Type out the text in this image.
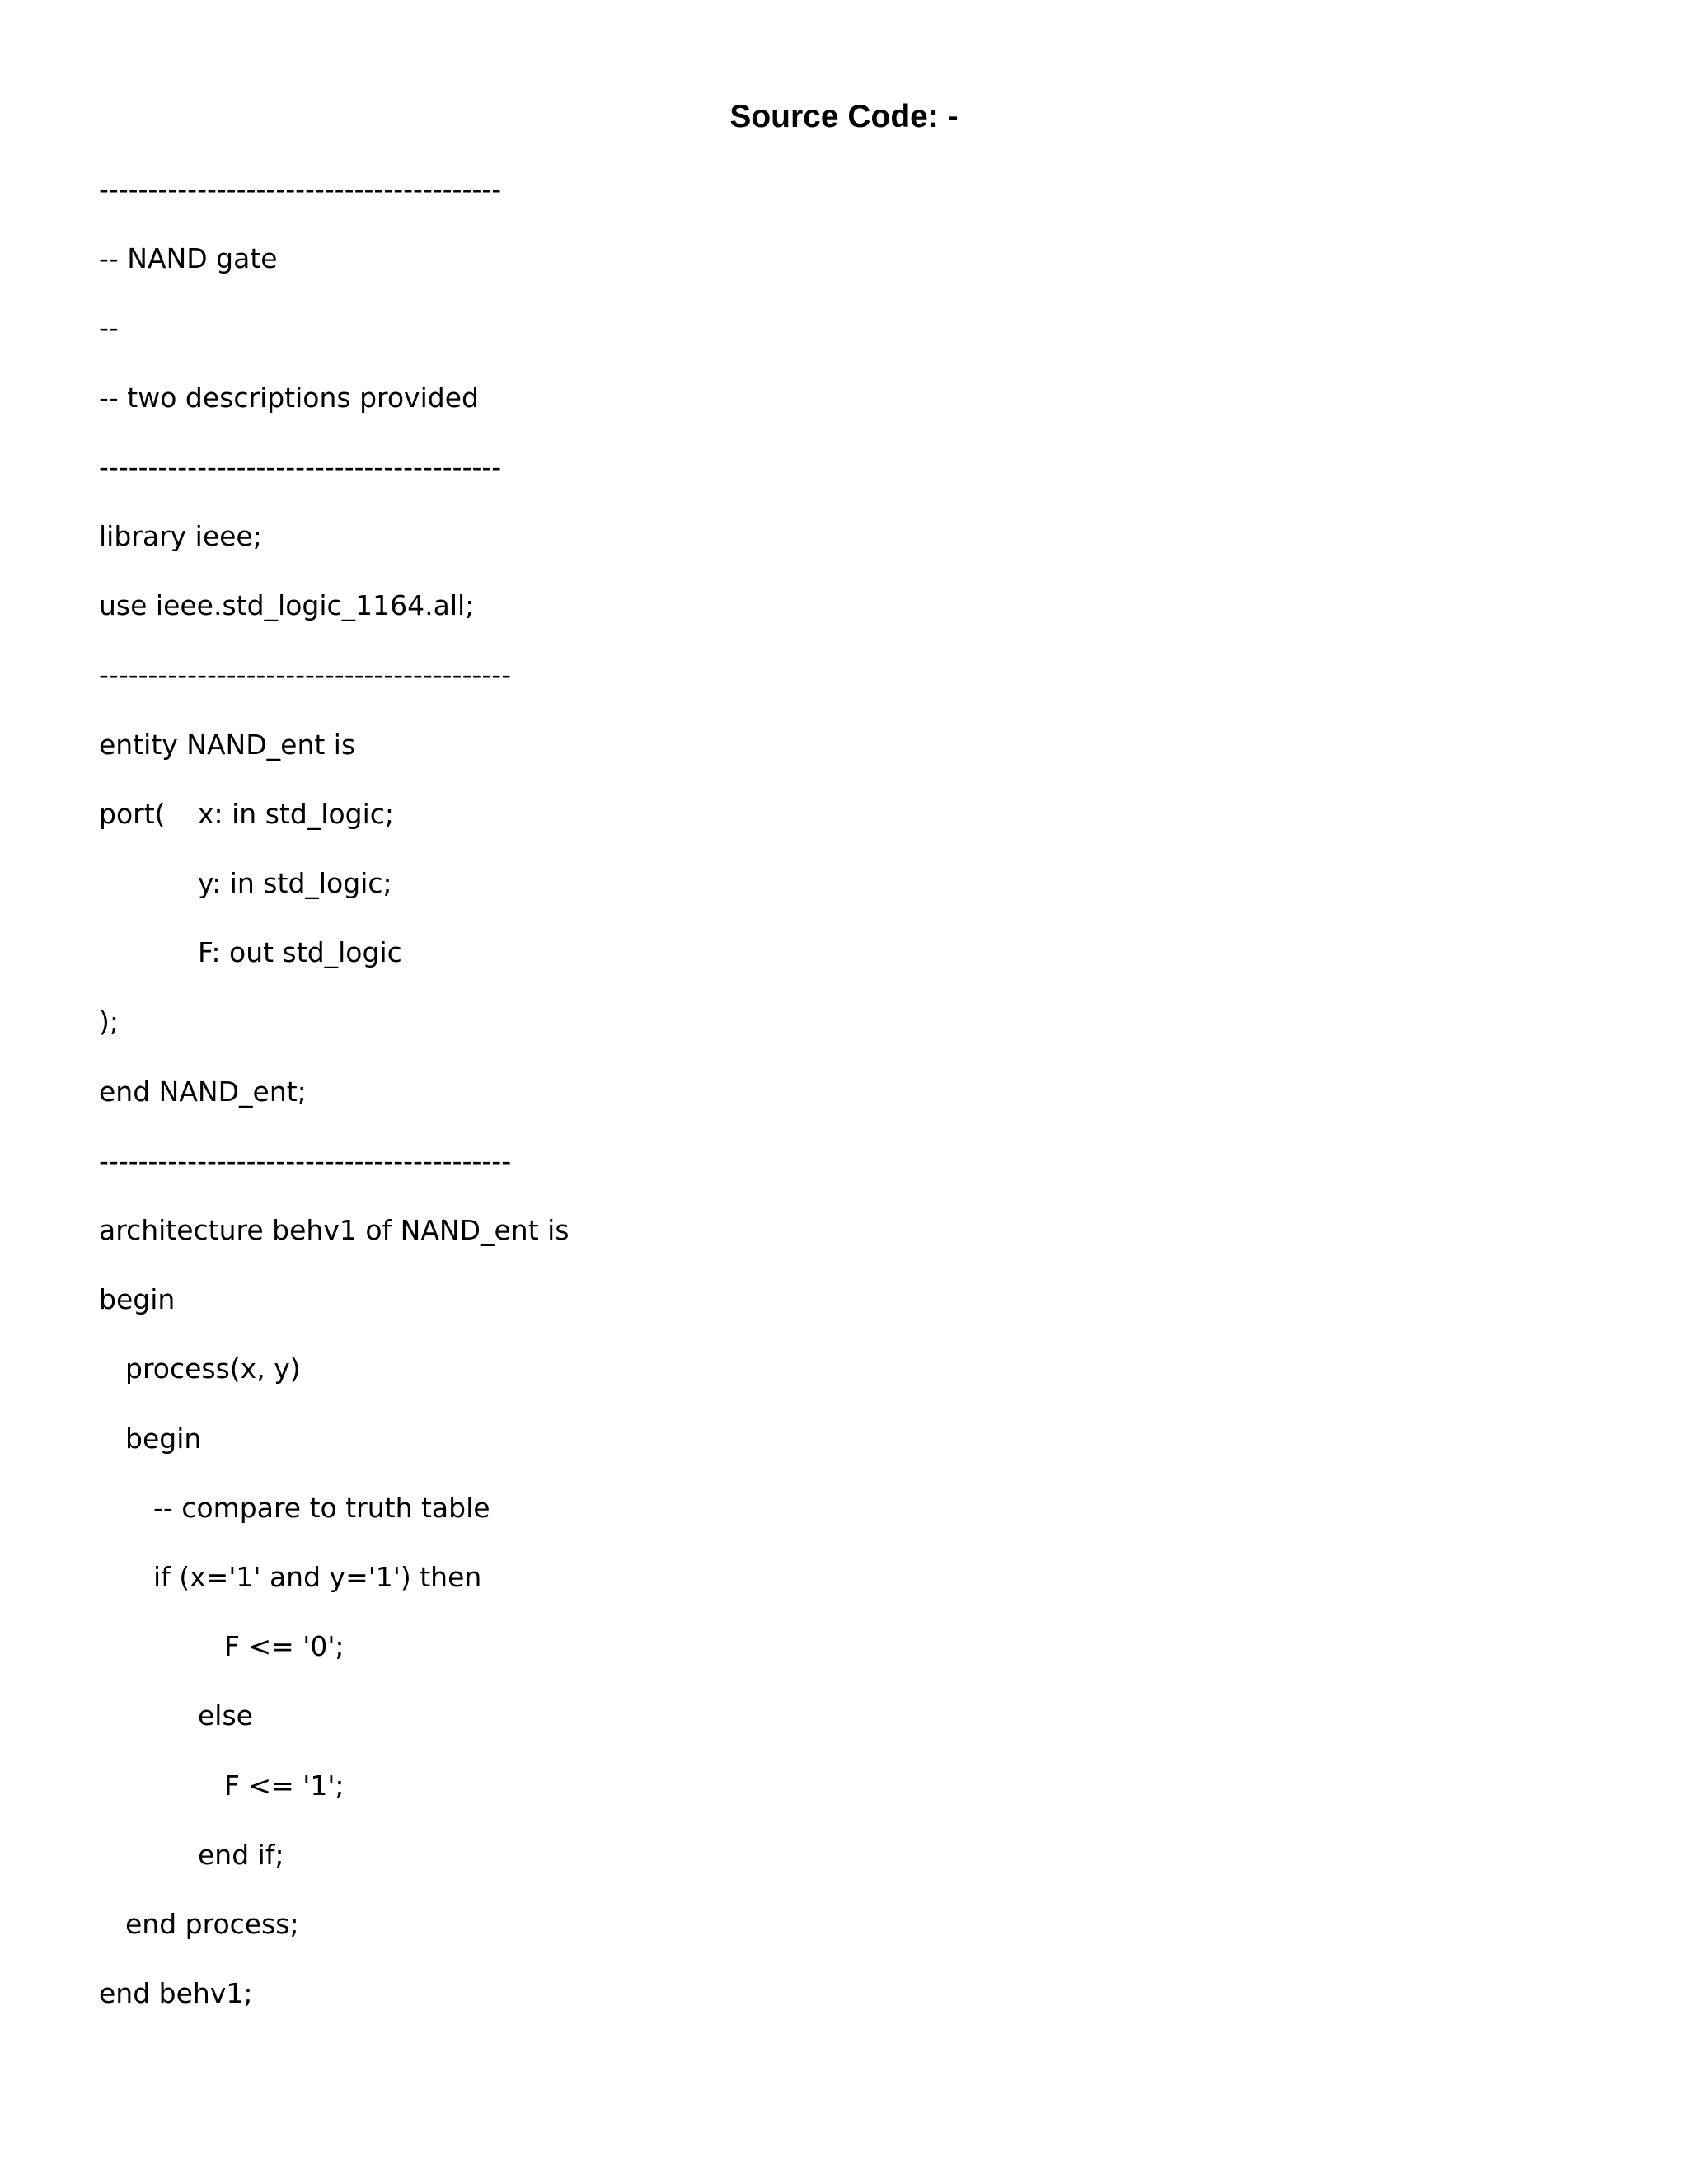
Source Code: -
-----------------------------------------
-- NAND gate
--
-- two descriptions provided
-----------------------------------------
library ieee;
use ieee.std_logic_1164.all;
------------------------------------------
entity NAND_ent is
port( x: in std_logic;
y: in std_logic;
F: out std_logic
);
end NAND_ent;
------------------------------------------
architecture behv1 of NAND_ent is
begin
process(x, y)
begin
-- compare to truth table
if (x='1' and y='1') then
F <= '0';
else
F <= '1';
end if;
end process;
end behv1;
